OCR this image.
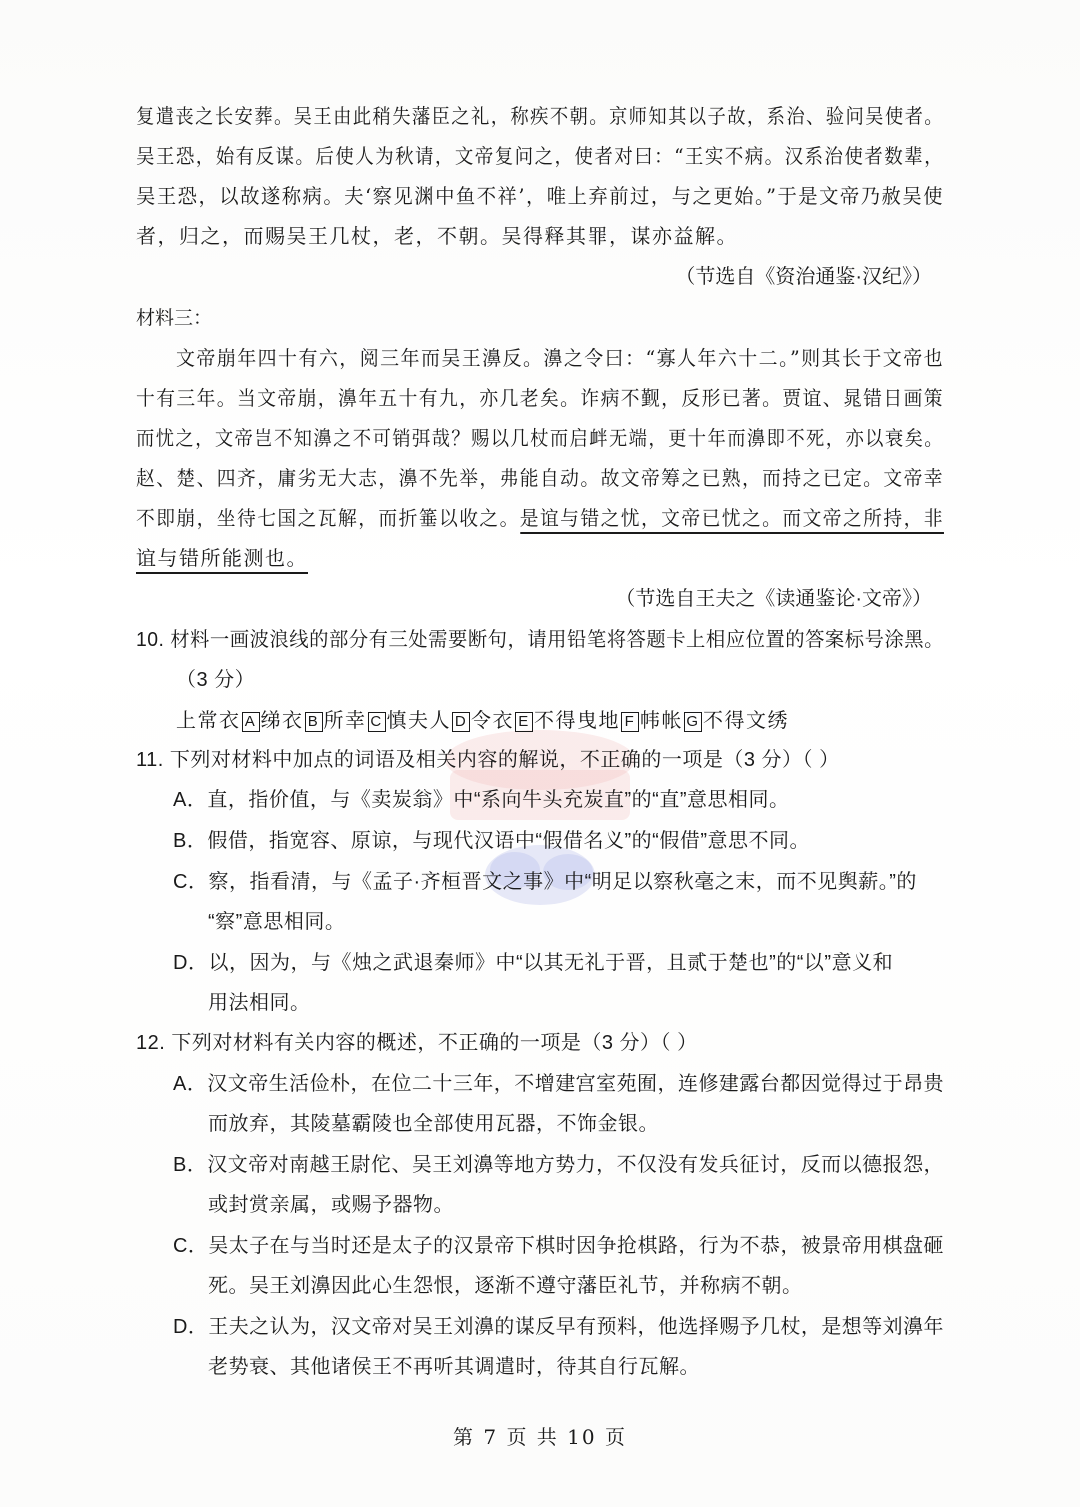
复遣丧之长安葬。吴王由此稍失藩臣之礼，称疾不朝。京师知其以子故，系治、验问吴使者。
吴王恐，始有反谋。后使人为秋请，文帝复问之，使者对曰：“王实不病。汉系治使者数辈，
吴王恐，以故遂称病。夫‘察见渊中鱼不祥’，唯上弃前过，与之更始。”于是文帝乃赦吴使
者，归之，而赐吴王几杖，老，不朝。吴得释其罪，谋亦益解。
（节选自《资治通鉴·汉纪》）
材料三：
文帝崩年四十有六，阅三年而吴王濞反。濞之令曰：“寡人年六十二。”则其长于文帝也
十有三年。当文帝崩，濞年五十有九，亦几老矣。诈病不觐，反形已著。贾谊、晁错日画策
而忧之，文帝岂不知濞之不可销弭哉？赐以几杖而启衅无端，更十年而濞即不死，亦以衰矣。
赵、楚、四齐，庸劣无大志，濞不先举，弗能自动。故文帝筹之已熟，而持之已定。文帝幸
不即崩，坐待七国之瓦解，而折箠以收之。是谊与错之忧，文帝已忧之。而文帝之所持，非
谊与错所能测也。
（节选自王夫之《读通鉴论·文帝》）
10. 材料一画波浪线的部分有三处需要断句，请用铅笔将答题卡上相应位置的答案标号涂黑。
（3 分）
上常衣 A 绨衣 B 所幸 C 慎夫人 D 令衣 E 不得曳地 F 帏帐 G 不得文绣
11. 下列对材料中加点的词语及相关内容的解说，不正确的一项是（3 分）（ ）
A．直，指价值，与《卖炭翁》中“系向牛头充炭直”的“直”意思相同。
B．假借，指宽容、原谅，与现代汉语中“假借名义”的“假借”意思不同。
C．察，指看清，与《孟子·齐桓晋文之事》中“明足以察秋毫之末，而不见舆薪。”的
“察”意思相同。
D．以，因为，与《烛之武退秦师》中“以其无礼于晋，且贰于楚也”的“以”意义和
用法相同。
12. 下列对材料有关内容的概述，不正确的一项是（3 分）（ ）
A．汉文帝生活俭朴，在位二十三年，不增建宫室苑囿，连修建露台都因觉得过于昂贵
而放弃，其陵墓霸陵也全部使用瓦器，不饰金银。
B．汉文帝对南越王尉佗、吴王刘濞等地方势力，不仅没有发兵征讨，反而以德报怨，
或封赏亲属，或赐予器物。
C．吴太子在与当时还是太子的汉景帝下棋时因争抢棋路，行为不恭，被景帝用棋盘砸
死。吴王刘濞因此心生怨恨，逐渐不遵守藩臣礼节，并称病不朝。
D．王夫之认为，汉文帝对吴王刘濞的谋反早有预料，他选择赐予几杖，是想等刘濞年
老势衰、其他诸侯王不再听其调遣时，待其自行瓦解。
第 7 页 共 10 页
